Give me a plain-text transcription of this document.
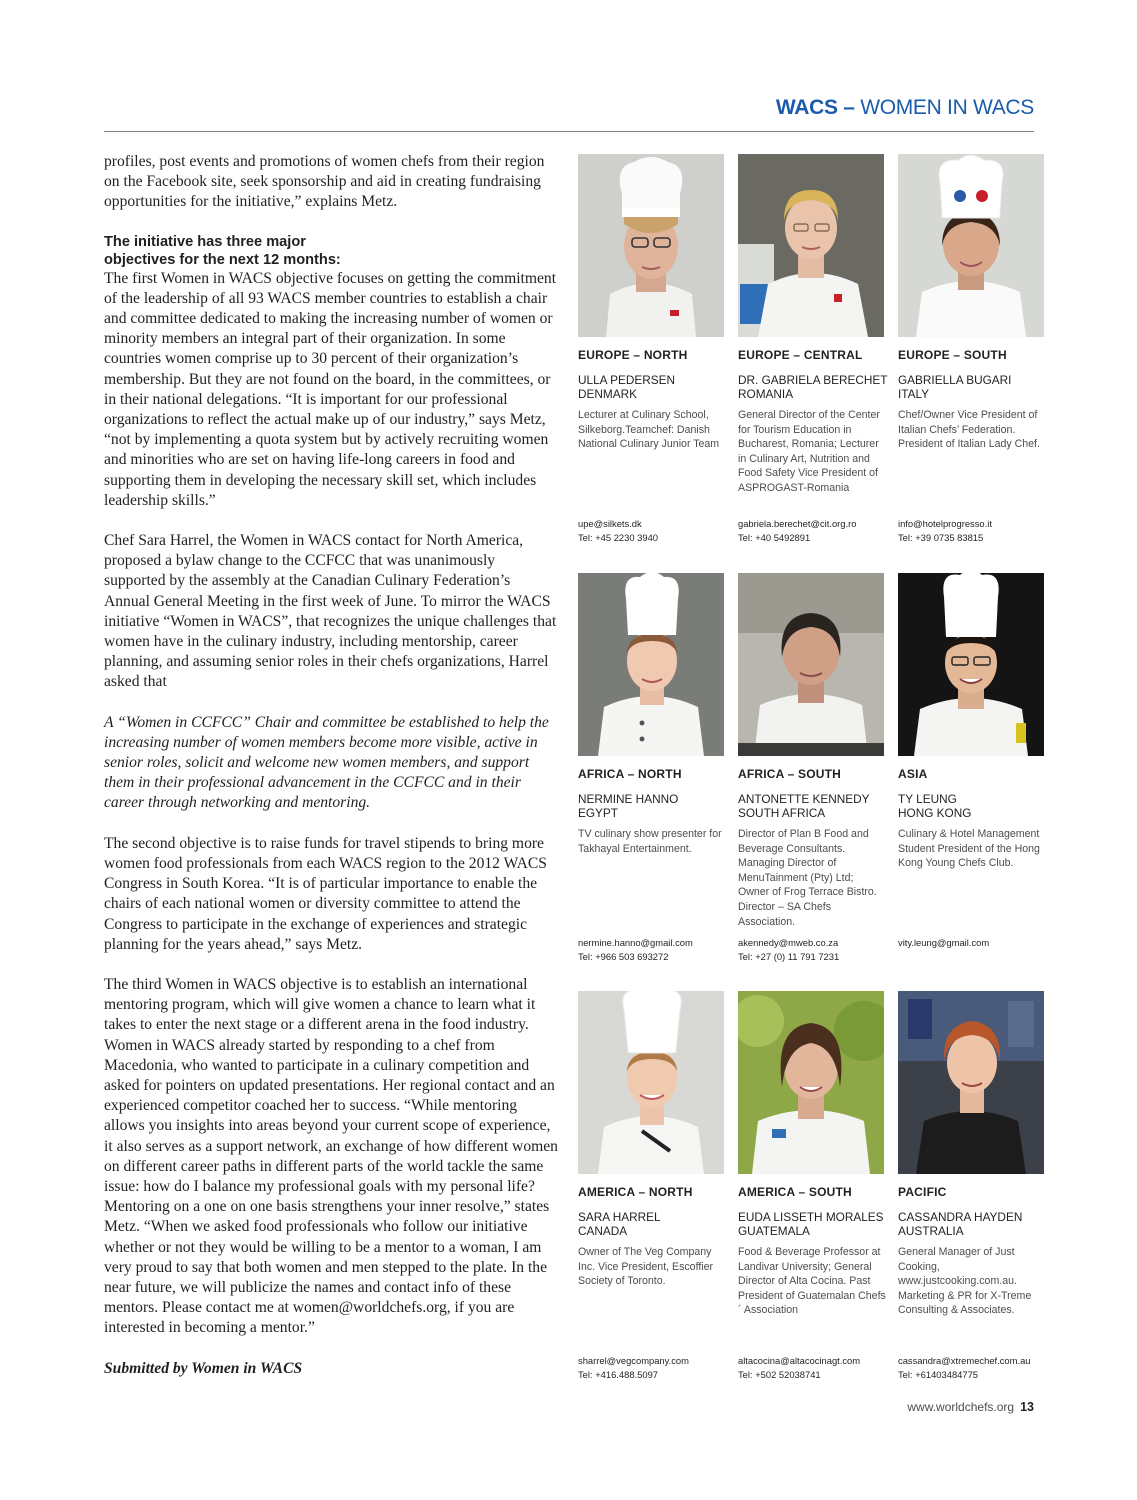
WACS – WOMEN IN WACS

profiles, post events and promotions of women chefs from their region on the Facebook site, seek sponsorship and aid in creating fundraising opportunities for the initiative,” explains Metz.

The initiative has three major
objectives for the next 12 months:

The first Women in WACS objective focuses on getting the commitment of the leadership of all 93 WACS member countries to establish a chair and committee dedicated to making the increasing number of women or minority members an integral part of their organization. In some countries women comprise up to 30 percent of their organization’s membership. But they are not found on the board, in the committees, or in their national delegations. “It is important for our professional organizations to reflect the actual make up of our industry,” says Metz, “not by implementing a quota system but by actively recruiting women and minorities who are set on having life-long careers in food and supporting them in developing the necessary skill set, which includes leadership skills.”

Chef Sara Harrel, the Women in WACS contact for North America, proposed a bylaw change to the CCFCC that was unanimously supported by the assembly at the Canadian Culinary Federation’s Annual General Meeting in the first week of June. To mirror the WACS initiative “Women in WACS”, that recognizes the unique challenges that women have in the culinary industry, including mentorship, career planning, and assuming senior roles in their chefs organizations, Harrel asked that

A “Women in CCFCC” Chair and committee be established to help the increasing number of women members become more visible, active in senior roles, solicit and welcome new women members, and support them in their professional advancement in the CCFCC and in their career through networking and mentoring.

The second objective is to raise funds for travel stipends to bring more women food professionals from each WACS region to the 2012 WACS Congress in South Korea. “It is of particular importance to enable the chairs of each national women or diversity committee to attend the Congress to participate in the exchange of experiences and strategic planning for the years ahead,” says Metz.

The third Women in WACS objective is to establish an international mentoring program, which will give women a chance to learn what it takes to enter the next stage or a different arena in the food industry. Women in WACS already started by responding to a chef from Macedonia, who wanted to participate in a culinary competition and asked for pointers on updated presentations. Her regional contact and an experienced competitor coached her to success. “While mentoring allows you insights into areas beyond your current scope of experience, it also serves as a support network, an exchange of how different women on different career paths in different parts of the world tackle the same issue: how do I balance my professional goals with my personal life? Mentoring on a one on one basis strengthens your inner resolve,” states Metz. “When we asked food professionals who follow our initiative whether or not they would be willing to be a mentor to a woman, I am very proud to say that both women and men stepped to the plate. In the near future, we will publicize the names and contact info of these mentors. Please contact me at women@worldchefs.org, if you are interested in becoming a mentor.”

Submitted by Women in WACS

EUROPE – NORTH
ULLA PEDERSEN
DENMARK
Lecturer at Culinary School, Silkeborg.Teamchef: Danish National Culinary Junior Team
upe@silkets.dk
Tel: +45 2230 3940
EUROPE – CENTRAL
DR. GABRIELA BERECHET
ROMANIA
General Director of the Center for Tourism Education in Bucharest, Romania; Lecturer in Culinary Art, Nutrition and Food Safety Vice President of ASPROGAST-Romania
gabriela.berechet@cit.org.ro
Tel: +40 5492891
EUROPE – SOUTH
GABRIELLA BUGARI
ITALY
Chef/Owner Vice President of Italian Chefs’ Federation. President of Italian Lady Chef.
info@hotelprogresso.it
Tel: +39 0735 83815
AFRICA – NORTH
NERMINE HANNO
EGYPT
TV culinary show presenter for Takhayal Entertainment.
nermine.hanno@gmail.com
Tel: +966 503 693272
AFRICA – SOUTH
ANTONETTE KENNEDY
SOUTH AFRICA
Director of Plan B Food and Beverage Consultants. Managing Director of MenuTainment (Pty) Ltd; Owner of Frog Terrace Bistro. Director – SA Chefs Association.
akennedy@mweb.co.za
Tel: +27 (0) 11 791 7231
ASIA
TY LEUNG
HONG KONG
Culinary & Hotel Management Student President of the Hong Kong Young Chefs Club.
vity.leung@gmail.com
AMERICA – NORTH
SARA HARREL
CANADA
Owner of The Veg Company Inc. Vice President, Escoffier Society of Toronto.
sharrel@vegcompany.com
Tel: +416.488.5097
AMERICA – SOUTH
EUDA LISSETH MORALES
GUATEMALA
Food & Beverage Professor at Landivar University; General Director of Alta Cocina. Past President of Guatemalan Chefs´ Association
altacocina@altacocinagt.com
Tel: +502 52038741
PACIFIC
CASSANDRA HAYDEN
AUSTRALIA
General Manager of Just Cooking, www.justcooking.com.au. Marketing & PR for X-Treme Consulting & Associates.
cassandra@xtremechef.com.au
Tel: +61403484775
www.worldchefs.org 13
